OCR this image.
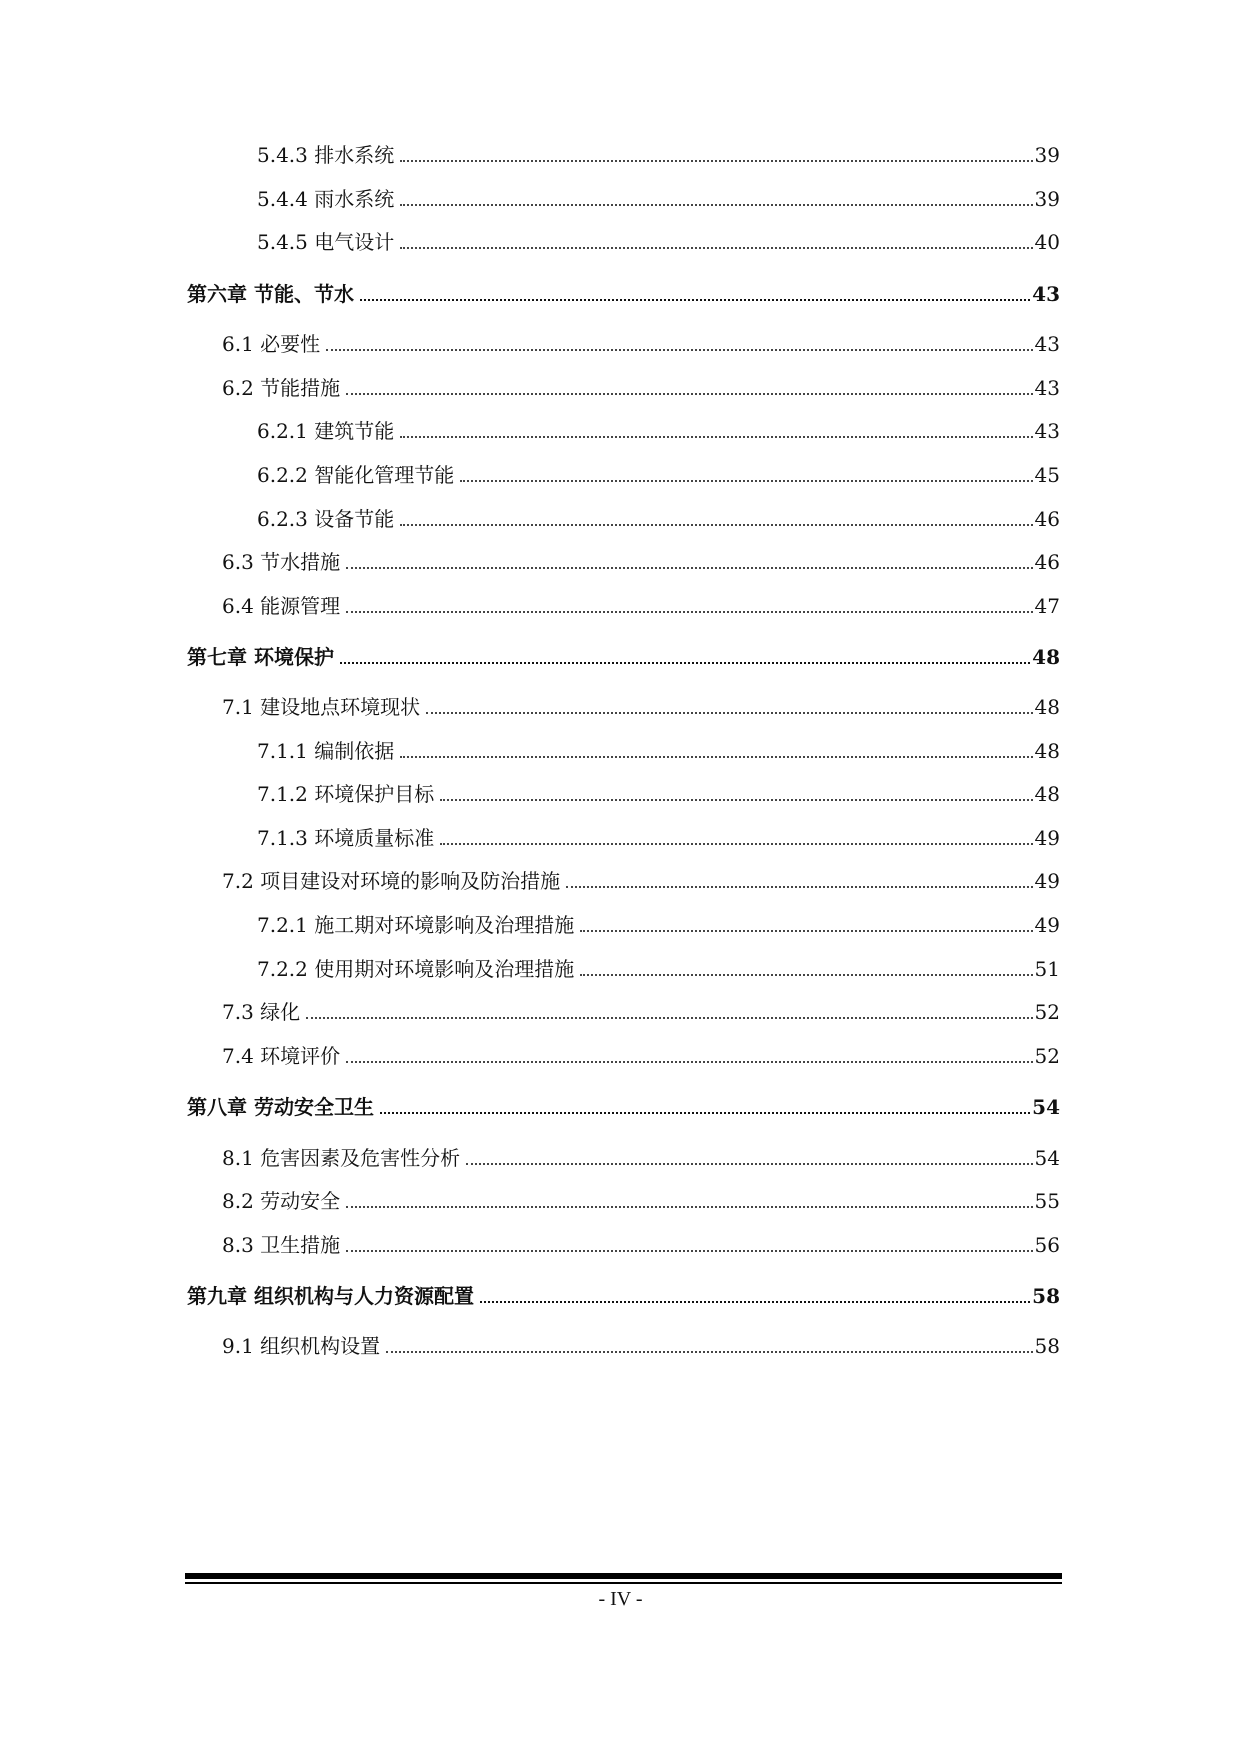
5.4.3 排水系统	39
5.4.4 雨水系统	39
5.4.5 电气设计	40
第六章 节能、节水	43
6.1 必要性	43
6.2 节能措施	43
6.2.1 建筑节能	43
6.2.2 智能化管理节能	45
6.2.3 设备节能	46
6.3 节水措施	46
6.4 能源管理	47
第七章 环境保护	48
7.1 建设地点环境现状	48
7.1.1 编制依据	48
7.1.2 环境保护目标	48
7.1.3 环境质量标准	49
7.2 项目建设对环境的影响及防治措施	49
7.2.1 施工期对环境影响及治理措施	49
7.2.2 使用期对环境影响及治理措施	51
7.3 绿化	52
7.4 环境评价	52
第八章 劳动安全卫生	54
8.1 危害因素及危害性分析	54
8.2 劳动安全	55
8.3 卫生措施	56
第九章 组织机构与人力资源配置	58
9.1 组织机构设置	58
- IV -
